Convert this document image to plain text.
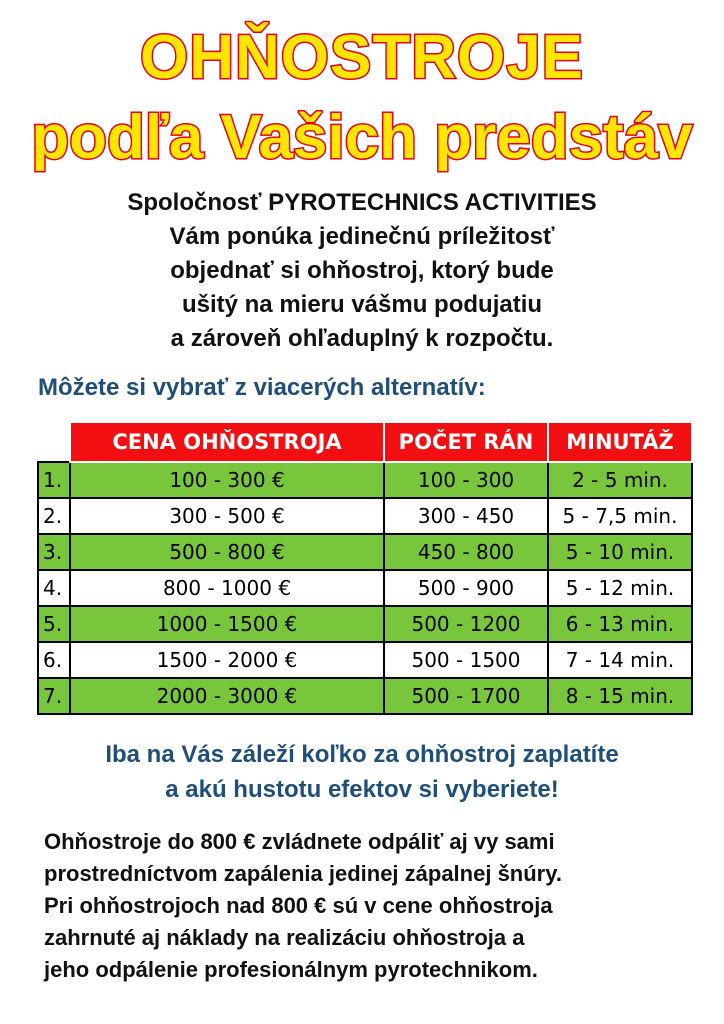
OHŇOSTROJE
podľa Vašich predstáv
Spoločnosť PYROTECHNICS ACTIVITIES
Vám ponúka jedinečnú príležitosť
objednať si ohňostroj, ktorý bude
ušitý na mieru vášmu podujatiu
a zároveň ohľaduplný k rozpočtu.
Môžete si vybrať z viacerých alternatív:
	CENA OHŇOSTROJA	POČET RÁN	MINUTÁŽ
1.	100 - 300 €	100 - 300	2 - 5 min.
2.	300 - 500 €	300 - 450	5 - 7,5 min.
3.	500 - 800 €	450 - 800	5 - 10 min.
4.	800 - 1000 €	500 - 900	5 - 12 min.
5.	1000 - 1500 €	500 - 1200	6 - 13 min.
6.	1500 - 2000 €	500 - 1500	7 - 14 min.
7.	2000 - 3000 €	500 - 1700	8 - 15 min.
Iba na Vás záleží koľko za ohňostroj zaplatíte
a akú hustotu efektov si vyberiete!
Ohňostroje do 800 € zvládnete odpáliť aj vy sami
prostredníctvom zapálenia jedinej zápalnej šnúry.
Pri ohňostrojoch nad 800 € sú v cene ohňostroja
zahrnuté aj náklady na realizáciu ohňostroja a
jeho odpálenie profesionálnym pyrotechnikom.
